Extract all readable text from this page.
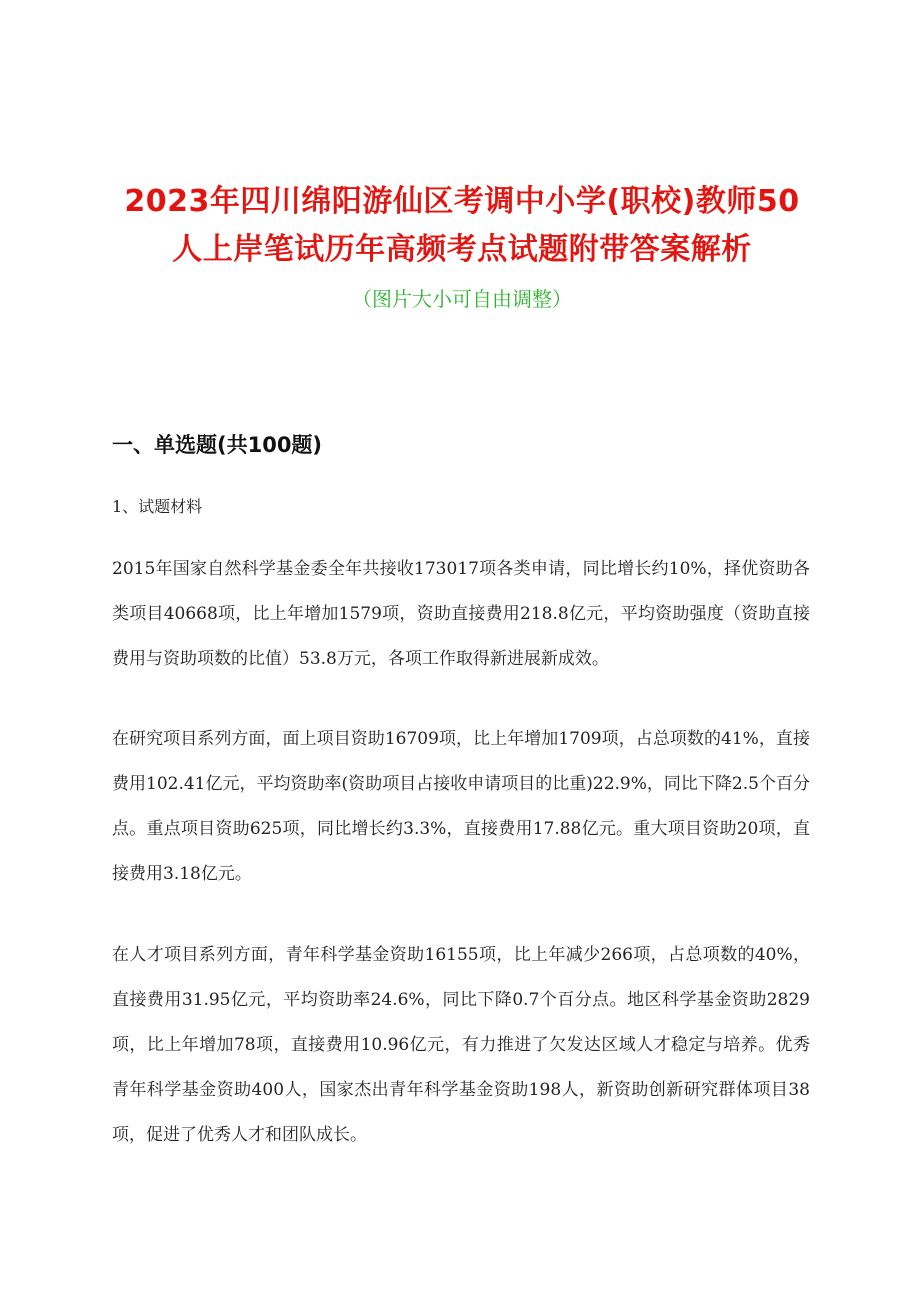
2023年四川绵阳游仙区考调中小学(职校)教师50人上岸笔试历年高频考点试题附带答案解析
（图片大小可自由调整）
一、单选题(共100题)
1、试题材料

2015年国家自然科学基金委全年共接收173017项各类申请，同比增长约10%，择优资助各类项目40668项，比上年增加1579项，资助直接费用218.8亿元，平均资助强度（资助直接费用与资助项数的比值）53.8万元，各项工作取得新进展新成效。

在研究项目系列方面，面上项目资助16709项，比上年增加1709项，占总项数的41%，直接费用102.41亿元，平均资助率(资助项目占接收申请项目的比重)22.9%，同比下降2.5个百分点。重点项目资助625项，同比增长约3.3%，直接费用17.88亿元。重大项目资助20项，直接费用3.18亿元。

在人才项目系列方面，青年科学基金资助16155项，比上年减少266项，占总项数的40%，直接费用31.95亿元，平均资助率24.6%，同比下降0.7个百分点。地区科学基金资助2829项，比上年增加78项，直接费用10.96亿元，有力推进了欠发达区域人才稳定与培养。优秀青年科学基金资助400人，国家杰出青年科学基金资助198人，新资助创新研究群体项目38项，促进了优秀人才和团队成长。
